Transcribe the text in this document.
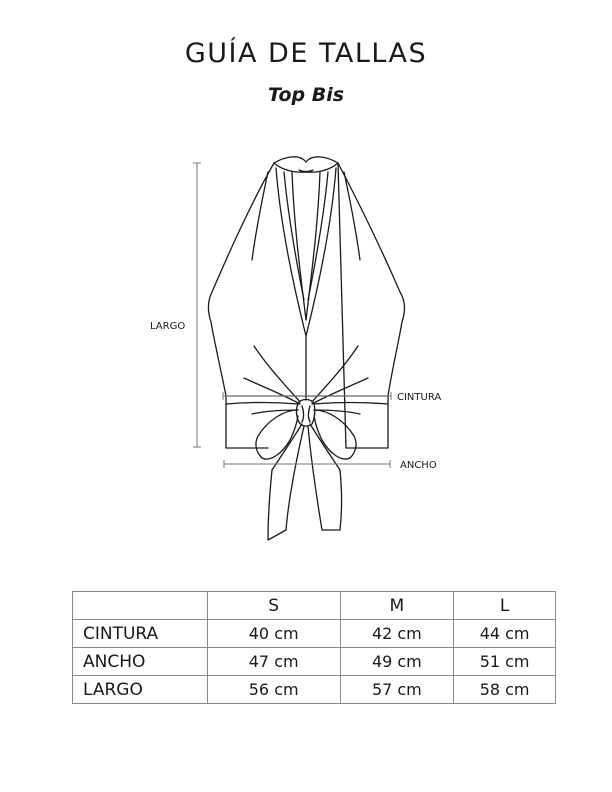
GUÍA DE TALLAS
Top Bis
LARGO
CINTURA
ANCHO
	S	M	L
CINTURA	40 cm	42 cm	44 cm
ANCHO	47 cm	49 cm	51 cm
LARGO	56 cm	57 cm	58 cm
